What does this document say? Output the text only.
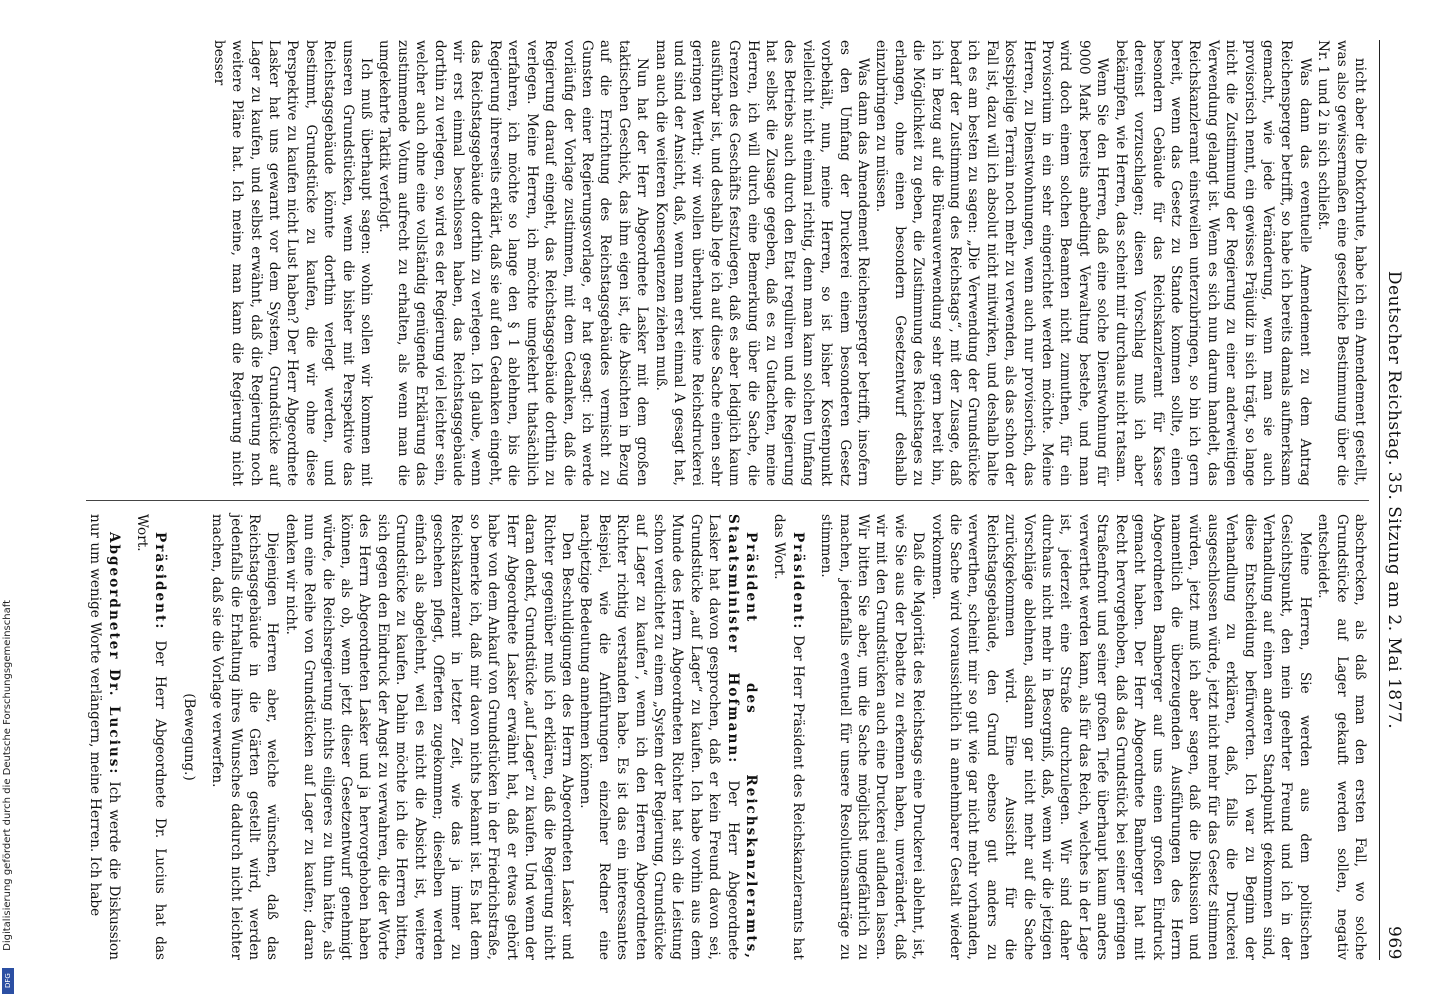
Deutscher Reichstag. 35. Sitzung am 2. Mai 1877.
969

nicht aber die Doktorhute, habe ich ein Amendement gestellt, was also gewissermaßen eine gesetzliche Bestimmung über die Nr. 1 und 2 in sich schließt.

Was dann das eventuelle Amendement zu dem Antrag Reichensperger betrifft, so habe ich bereits damals aufmerksam gemacht, wie jede Veränderung, wenn man sie auch provisorisch nennt, ein gewisses Präjudiz in sich trägt, so lange nicht die Zustimmung der Regierung zu einer anderweitigen Verwendung gelangt ist. Wenn es sich nun darum handelt, das Reichskanzleramt einstweilen unterzubringen, so bin ich gern bereit, wenn das Gesetz zu Stande kommen sollte, einen besondern Gebäude für das Reichskanzleramt für Kasse dereinst vorzuschlagen; diesen Vorschlag muß ich aber bekämpfen, wie Herren, das scheint mir durchaus nicht ratsam.

Wenn Sie den Herren, daß eine solche Dienstwohnung für 9000 Mark bereits anbedingt Verwaltung bestehe, und man wird doch einem solchen Beamten nicht zumuthen, für ein Provisorium in ein sehr eingerichtet werden möchte. Meine Herren, zu Dienstwohnungen, wenn auch nur provisorisch, das kostspielige Terrain noch mehr zu verwenden, als das schon der Fall ist, dazu will ich absolut nicht mitwirken, und deshalb halte ich es am besten zu sagen: „Die Verwendung der Grundstücke bedarf der Zustimmung des Reichstags“, mit der Zusage, daß ich in Bezug auf die Büreauverwendung sehr gern bereit bin, die Möglichkeit zu geben, die Zustimmung des Reichstages zu erlangen, ohne einen besondern Gesetzentwurf deshalb einzubringen zu müssen.

Was dann das Amendement Reichensperger betrifft, insofern es den Umfang der Druckerei einem besonderen Gesetz vorbehält, nun, meine Herren, so ist bisher Kostenpunkt vielleicht nicht einmal richtig, denn man kann solchen Umfang des Betriebs auch durch den Etat reguliren und die Regierung hat selbst die Zusage gegeben, daß es zu Gutachten, meine Herren, ich will durch eine Bemerkung über die Sache, die Grenzen des Geschäfts festzulegen, daß es aber lediglich kaum ausführbar ist, und deshalb lege ich auf diese Sache einen sehr geringen Werth; wir wollen überhaupt keine Reichsdruckerei und sind der Ansicht, daß, wenn man erst einmal A gesagt hat, man auch die weiteren Konsequenzen ziehen muß.

Nun hat der Herr Abgeordnete Lasker mit dem großen taktischen Geschick, das ihm eigen ist, die Absichten in Bezug auf die Errichtung des Reichstagsgebäudes vermischt zu Gunsten einer Regierungsvorlage, er hat gesagt: ich werde vorläufig der Vorlage zustimmen, mit dem Gedanken, daß die Regierung darauf eingeht, das Reichstagsgebäude dorthin zu verlegen. Meine Herren, ich möchte umgekehrt thatsächlich verfahren, ich möchte so lange den § 1 ablehnen, bis die Regierung ihrerseits erklärt, daß sie auf den Gedanken eingeht, das Reichstagsgebäude dorthin zu verlegen. Ich glaube, wenn wir erst einmal beschlossen haben, das Reichstagsgebäude dorthin zu verlegen, so wird es der Regierung viel leichter sein, welcher auch ohne eine vollständig genügende Erklärung das zustimmende Votum aufrecht zu erhalten, als wenn man die umgekehrte Taktik verfolgt.

Ich muß überhaupt sagen: wohin sollen wir kommen mit unseren Grundstücken, wenn die bisher mit Perspektive das Reichstagsgebäude könnte dorthin verlegt werden, und bestimmt, Grundstücke zu kaufen, die wir ohne diese Perspektive zu kaufen nicht Lust haben? Der Herr Abgeordnete Lasker hat uns gewarnt vor dem System, Grundstücke auf Lager zu kaufen, und selbst erwähnt, daß die Regierung noch weitere Pläne hat. Ich meine, man kann die Regierung nicht besser

abschrecken, als daß man den ersten Fall, wo solche Grundstücke auf Lager gekauft werden sollen, negativ entscheidet.

Meine Herren, Sie werden aus dem politischen Gesichtspunkt, den mein geehrter Freund und ich in der Verhandlung auf einen anderen Standpunkt gekommen sind, diese Entscheidung befürworten. Ich war zu Beginn der Verhandlung zu erklären, daß, falls die Druckerei ausgeschlossen würde, jetzt nicht mehr für das Gesetz stimmen würden, jetzt muß ich aber sagen, daß die Diskussion und namentlich die überzeugenden Ausführungen des Herrn Abgeordneten Bamberger auf uns einen großen Eindruck gemacht haben. Der Herr Abgeordnete Bamberger hat mit Recht hervorgehoben, daß das Grundstück bei seiner geringen Straßenfront und seiner großen Tiefe überhaupt kaum anders verwerthet werden kann, als für das Reich, welches in der Lage ist, jederzeit eine Straße durchzulegen. Wir sind daher durchaus nicht mehr in Besorgniß, daß, wenn wir die jetzigen Vorschläge ablehnen, alsdann gar nicht mehr auf die Sache zurückgekommen wird. Eine Aussicht für die Reichstagsgebäude, den Grund ebenso gut anders zu verwerthen, scheint mir so gut wie gar nicht mehr vorhanden, die Sache wird voraussichtlich in annehmbarer Gestalt wieder vorkommen.

Daß die Majorität des Reichstags eine Druckerei ablehnt, ist, wie Sie aus der Debatte zu erkennen haben, unverändert, daß wir mit den Grundstücken auch eine Druckerei aufladen lassen. Wir bitten Sie aber, um die Sache möglichst ungefährlich zu machen, jedenfalls eventuell für unsere Resolutionsanträge zu stimmen.

Präsident: Der Herr Präsident des Reichskanzleramts hat das Wort.

Präsident des Reichskanzleramts, Staatsminister Hofmann: Der Herr Abgeordnete Lasker hat davon gesprochen, daß er kein Freund davon sei, Grundstücke „auf Lager“ zu kaufen. Ich habe vorhin aus dem Munde des Herrn Abgeordneten Richter hat sich die Leistung schon verdichtet zu einem „System der Regierung, Grundstücke auf Lager zu kaufen“, wenn ich den Herren Abgeordneten Richter richtig verstanden habe. Es ist das ein interessantes Beispiel, wie die Anführungen einzelner Redner eine nachjetzige Bedeutung annehmen können.

Den Beschuldigungen des Herrn Abgeordneten Lasker und Richter gegenüber muß ich erklären, daß die Regierung nicht daran denkt, Grundstücke „auf Lager“ zu kaufen. Und wenn der Herr Abgeordnete Lasker erwähnt hat, daß er etwas gehört habe von dem Ankauf von Grundstücken in der Friedrichstraße, so bemerke ich, daß mir davon nichts bekannt ist. Es hat dem Reichskanzleramt in letzter Zeit, wie das ja immer zu geschehen pflegt, Offerten zugekommen; dieselben werden einfach als abgelehnt, weil es nicht die Absicht ist, weitere Grundstücke zu kaufen. Dahin möchte ich die Herren bitten, sich gegen den Eindruck der Angst zu verwahren, die der Worte des Herrn Abgeordneten Lasker und ja hervorgehoben haben können, als ob, wenn jetzt dieser Gesetzentwurf genehmigt würde, die Reichsregierung nichts eiligeres zu thun hätte, als nun eine Reihe von Grundstücken auf Lager zu kaufen; daran denken wir nicht.

Diejenigen Herren aber, welche wünschen, daß das Reichstagsgebäude in die Gärten gestellt wird, werden jedenfalls die Erhaltung ihres Wunsches dadurch nicht leichter machen, daß sie die Vorlage verwerfen.

(Bewegung.)

Präsident: Der Herr Abgeordnete Dr. Lucius hat das Wort.

Abgeordneter Dr. Lucius: Ich werde die Diskussion nur um wenige Worte verlängern, meine Herren. Ich habe

Digitalisierung gefördert durch die Deutsche Forschungsgemeinschaft
DFG
